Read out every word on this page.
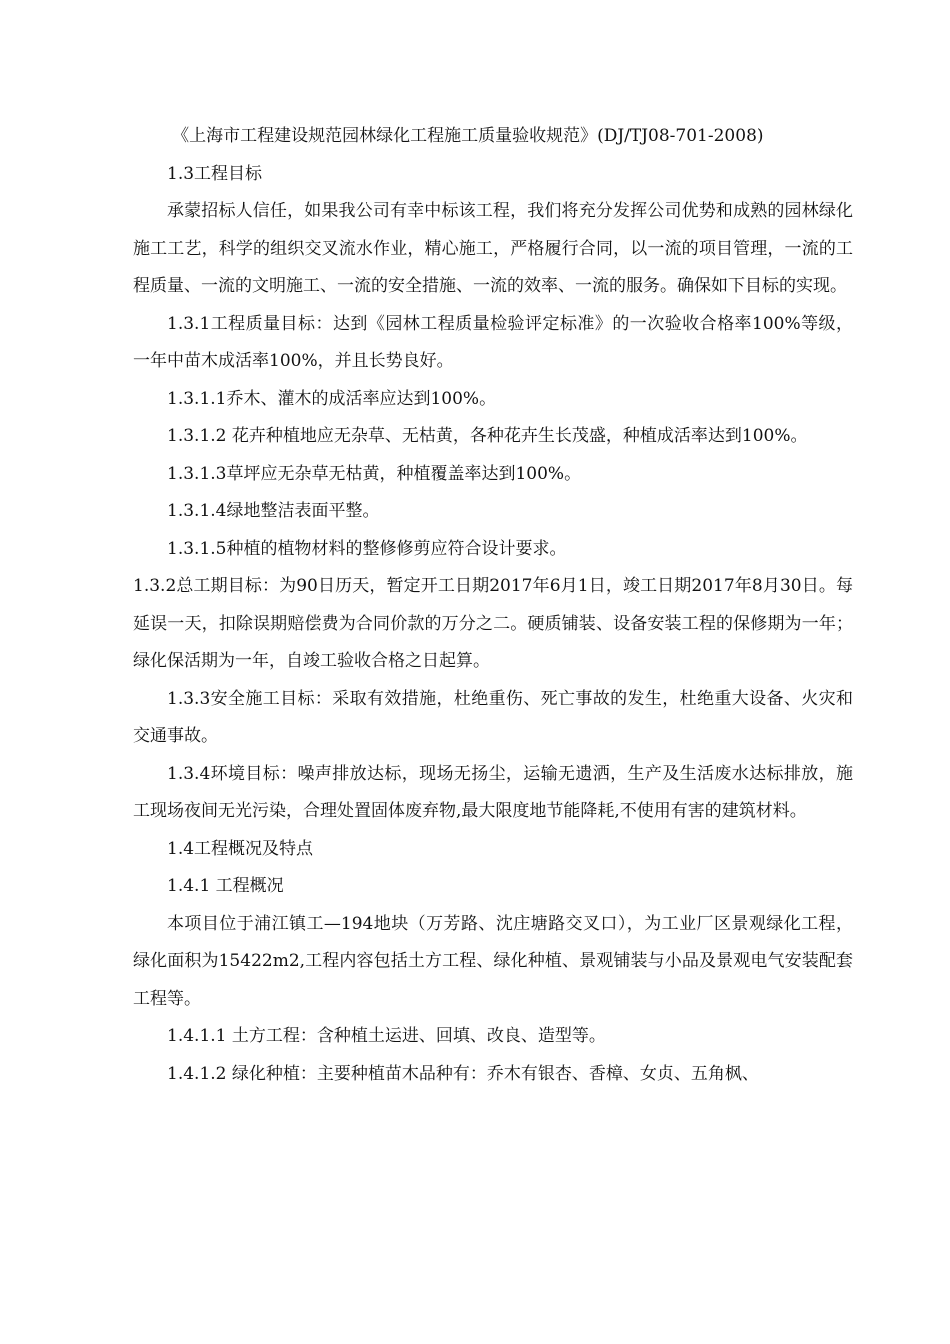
《上海市工程建设规范园林绿化工程施工质量验收规范》(DJ/TJ08-701-2008)

1.3工程目标

承蒙招标人信任，如果我公司有幸中标该工程，我们将充分发挥公司优势和成熟的园林绿化施工工艺，科学的组织交叉流水作业，精心施工，严格履行合同，以一流的项目管理，一流的工程质量、一流的文明施工、一流的安全措施、一流的效率、一流的服务。确保如下目标的实现。

1.3.1工程质量目标：达到《园林工程质量检验评定标准》的一次验收合格率100%等级，一年中苗木成活率100%，并且长势良好。

1.3.1.1乔木、灌木的成活率应达到100%。

1.3.1.2 花卉种植地应无杂草、无枯黄，各种花卉生长茂盛，种植成活率达到100%。

1.3.1.3草坪应无杂草无枯黄，种植覆盖率达到100%。

1.3.1.4绿地整洁表面平整。

1.3.1.5种植的植物材料的整修修剪应符合设计要求。

1.3.2总工期目标：为90日历天，暂定开工日期2017年6月1日，竣工日期2017年8月30日。每延误一天，扣除误期赔偿费为合同价款的万分之二。硬质铺装、设备安装工程的保修期为一年；绿化保活期为一年，自竣工验收合格之日起算。

1.3.3安全施工目标：采取有效措施，杜绝重伤、死亡事故的发生，杜绝重大设备、火灾和交通事故。

1.3.4环境目标：噪声排放达标，现场无扬尘，运输无遗洒，生产及生活废水达标排放，施工现场夜间无光污染，合理处置固体废弃物,最大限度地节能降耗,不使用有害的建筑材料。

1.4工程概况及特点

1.4.1 工程概况

本项目位于浦江镇工—194地块（万芳路、沈庄塘路交叉口），为工业厂区景观绿化工程，绿化面积为15422m2,工程内容包括土方工程、绿化种植、景观铺装与小品及景观电气安装配套工程等。

1.4.1.1 土方工程：含种植土运进、回填、改良、造型等。

1.4.1.2 绿化种植：主要种植苗木品种有：乔木有银杏、香樟、女贞、五角枫、
